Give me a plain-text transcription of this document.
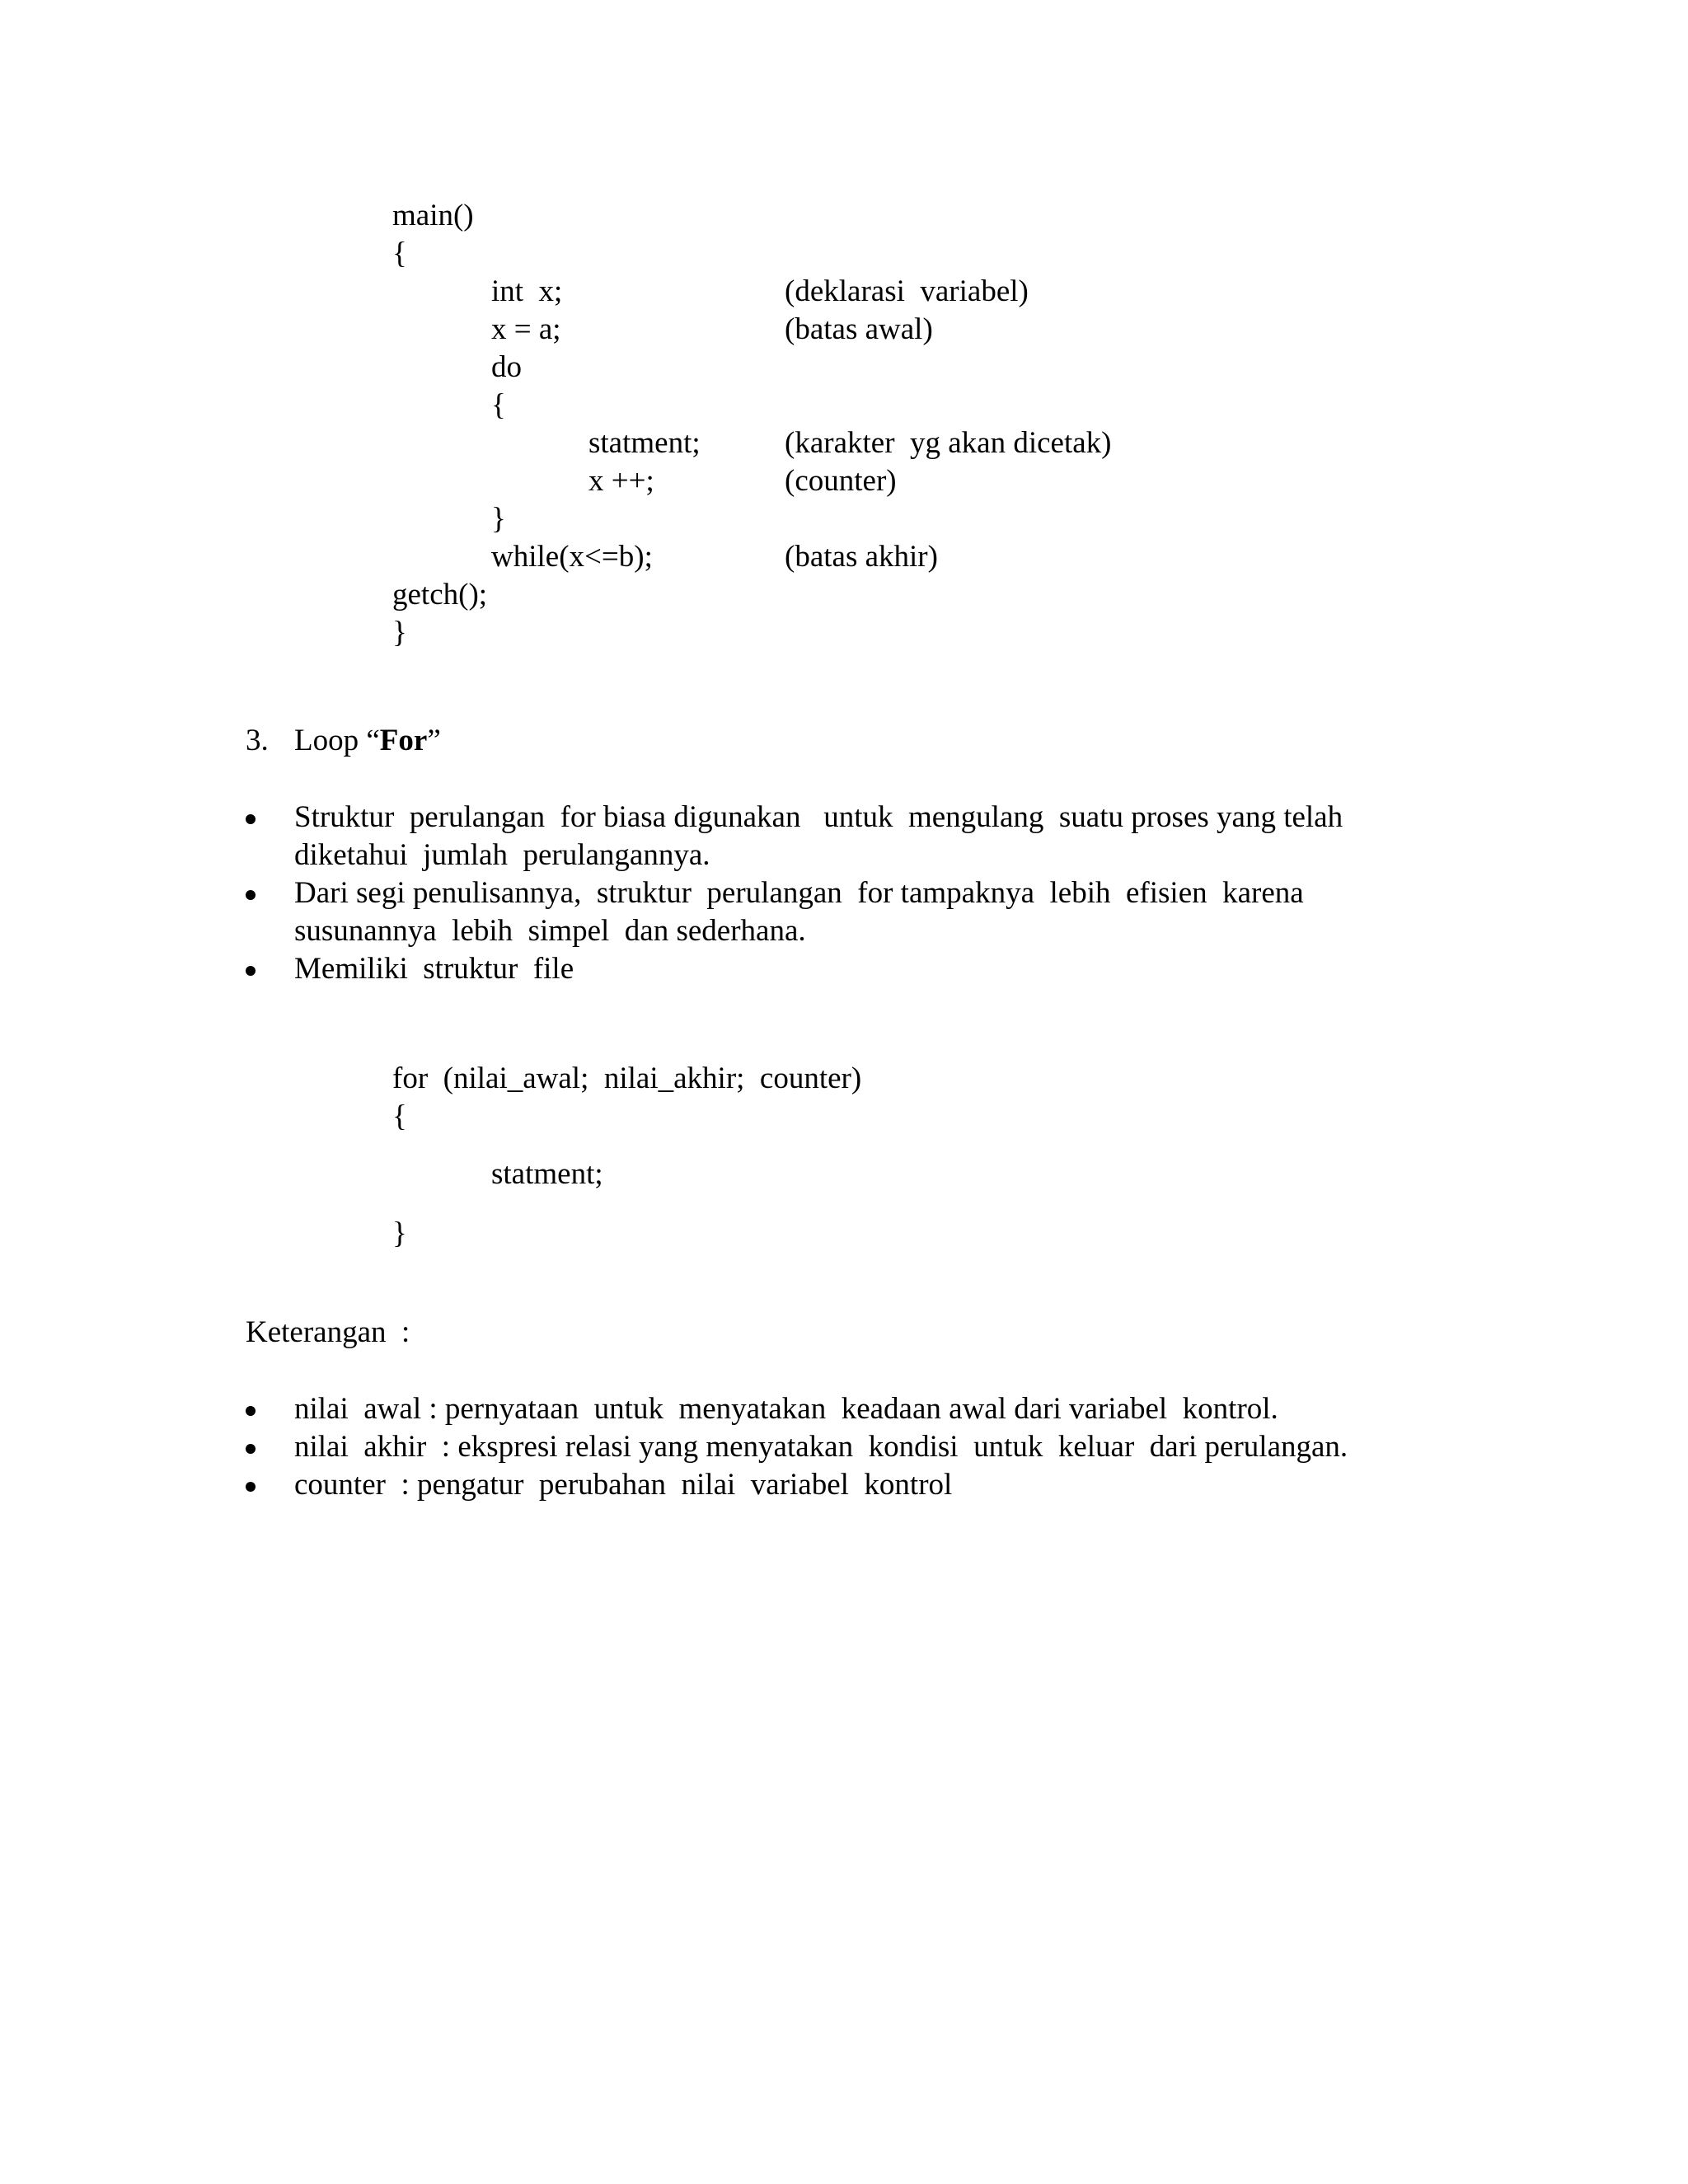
main()
{
int  x;	(deklarasi  variabel)
x = a;	(batas awal)
do
{
statment;	(karakter  yg akan dicetak)
x ++;	(counter)
}
while(x<=b);	(batas akhir)
getch();
}
3. Loop “For”
Struktur  perulangan  for biasa digunakan   untuk  mengulang  suatu proses yang telah
diketahui  jumlah  perulangannya.
Dari segi penulisannya,  struktur  perulangan  for tampaknya  lebih  efisien  karena
susunannya  lebih  simpel  dan sederhana.
Memiliki  struktur  file
for  (nilai_awal;  nilai_akhir;  counter)
{
statment;
}
Keterangan  :
nilai  awal : pernyataan  untuk  menyatakan  keadaan awal dari variabel  kontrol.
nilai  akhir  : ekspresi relasi yang menyatakan  kondisi  untuk  keluar  dari perulangan.
counter  : pengatur  perubahan  nilai  variabel  kontrol
